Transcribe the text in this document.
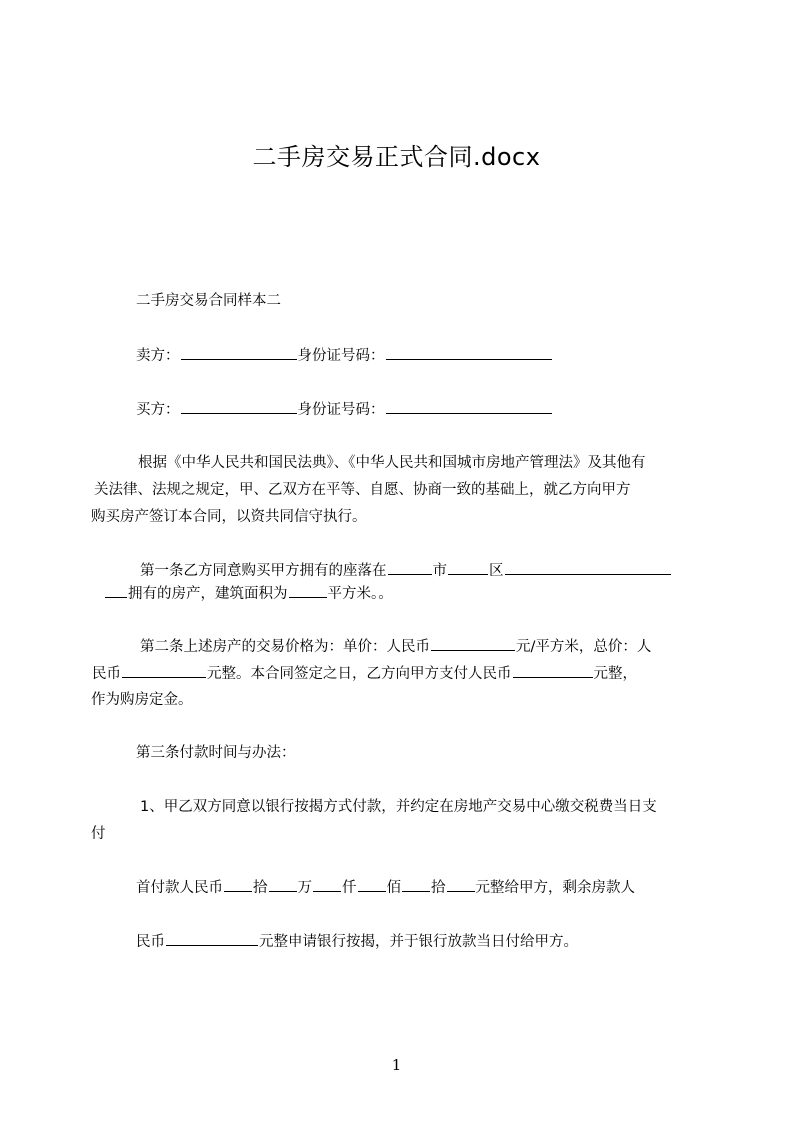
二手房交易正式合同.docx
二手房交易合同样本二
卖方：	身份证号码：
买方：	身份证号码：
根据《中华人民共和国民法典》、《中华人民共和国城市房地产管理法》及其他有
关法律、法规之规定，甲、乙双方在平等、自愿、协商一致的基础上，就乙方向甲方
购买房产签订本合同，以资共同信守执行。
第一条乙方同意购买甲方拥有的座落在	市	区
拥有的房产，建筑面积为	平方米。。
第二条上述房产的交易价格为：单价：人民币	元/平方米，总价：人
民币	元整。本合同签定之日，乙方向甲方支付人民币	元整，
作为购房定金。
第三条付款时间与办法：
1、甲乙双方同意以银行按揭方式付款，并约定在房地产交易中心缴交税费当日支
付
首付款人民币 拾 万 仟 佰 拾 元整给甲方，剩余房款人
民币	元整申请银行按揭，并于银行放款当日付给甲方。
1
